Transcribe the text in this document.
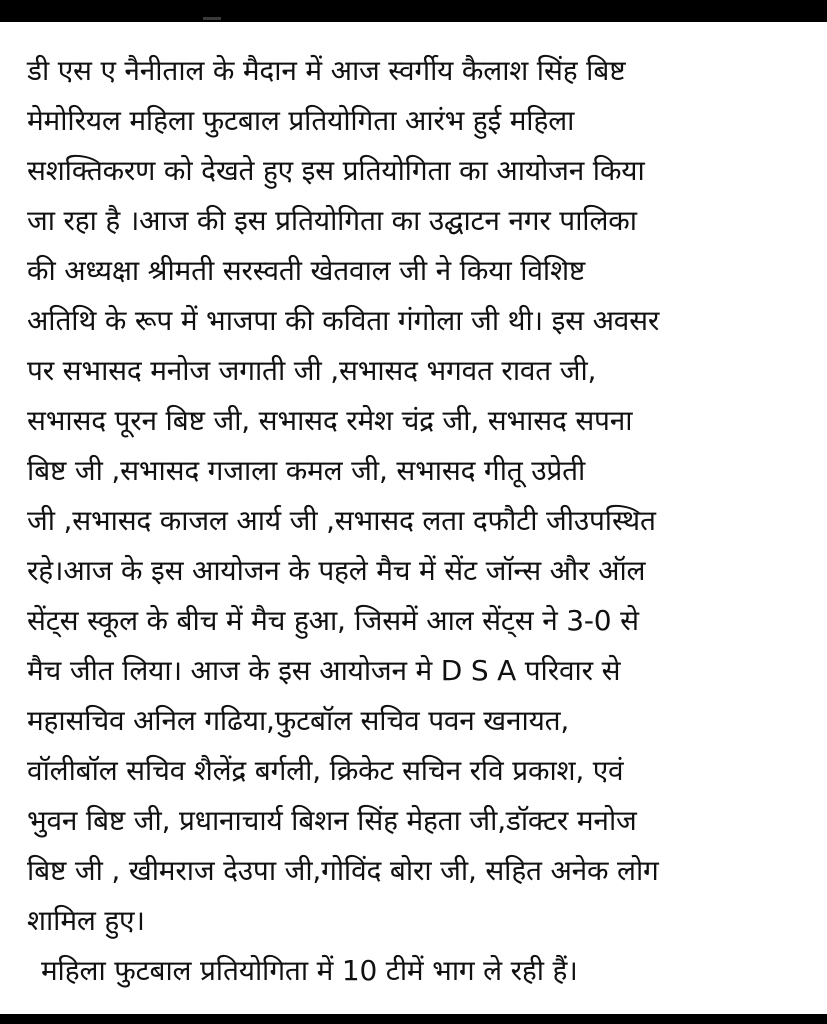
डी एस ए नैनीताल के मैदान में आज स्वर्गीय कैलाश सिंह बिष्ट
मेमोरियल महिला फुटबाल प्रतियोगिता आरंभ हुई महिला
सशक्तिकरण को देखते हुए इस प्रतियोगिता का आयोजन किया
जा रहा है ।आज की इस प्रतियोगिता का उद्घाटन नगर पालिका
की अध्यक्षा श्रीमती सरस्वती खेतवाल जी ने किया विशिष्ट
अतिथि के रूप में भाजपा की कविता गंगोला जी थी। इस अवसर
पर सभासद मनोज जगाती जी ,सभासद भगवत रावत जी,
सभासद पूरन बिष्ट जी, सभासद रमेश चंद्र जी, सभासद सपना
बिष्ट जी ,सभासद गजाला कमल जी, सभासद गीतू उप्रेती
जी ,सभासद काजल आर्य जी ,सभासद लता दफौटी जीउपस्थित
रहे।आज के इस आयोजन के पहले मैच में सेंट जॉन्स और ऑल
सेंट्स स्कूल के बीच में मैच हुआ, जिसमें आल सेंट्स ने 3-0 से
मैच जीत लिया। आज के इस आयोजन मे D S A परिवार से
महासचिव अनिल गढिया,फुटबॉल सचिव पवन खनायत,
वॉलीबॉल सचिव शैलेंद्र बर्गली, क्रिकेट सचिन रवि प्रकाश, एवं
भुवन बिष्ट जी, प्रधानाचार्य बिशन सिंह मेहता जी,डॉक्टर मनोज
बिष्ट जी , खीमराज देउपा जी,गोविंद बोरा जी, सहित अनेक लोग
शामिल हुए।
महिला फुटबाल प्रतियोगिता में 10 टीमें भाग ले रही हैं।
